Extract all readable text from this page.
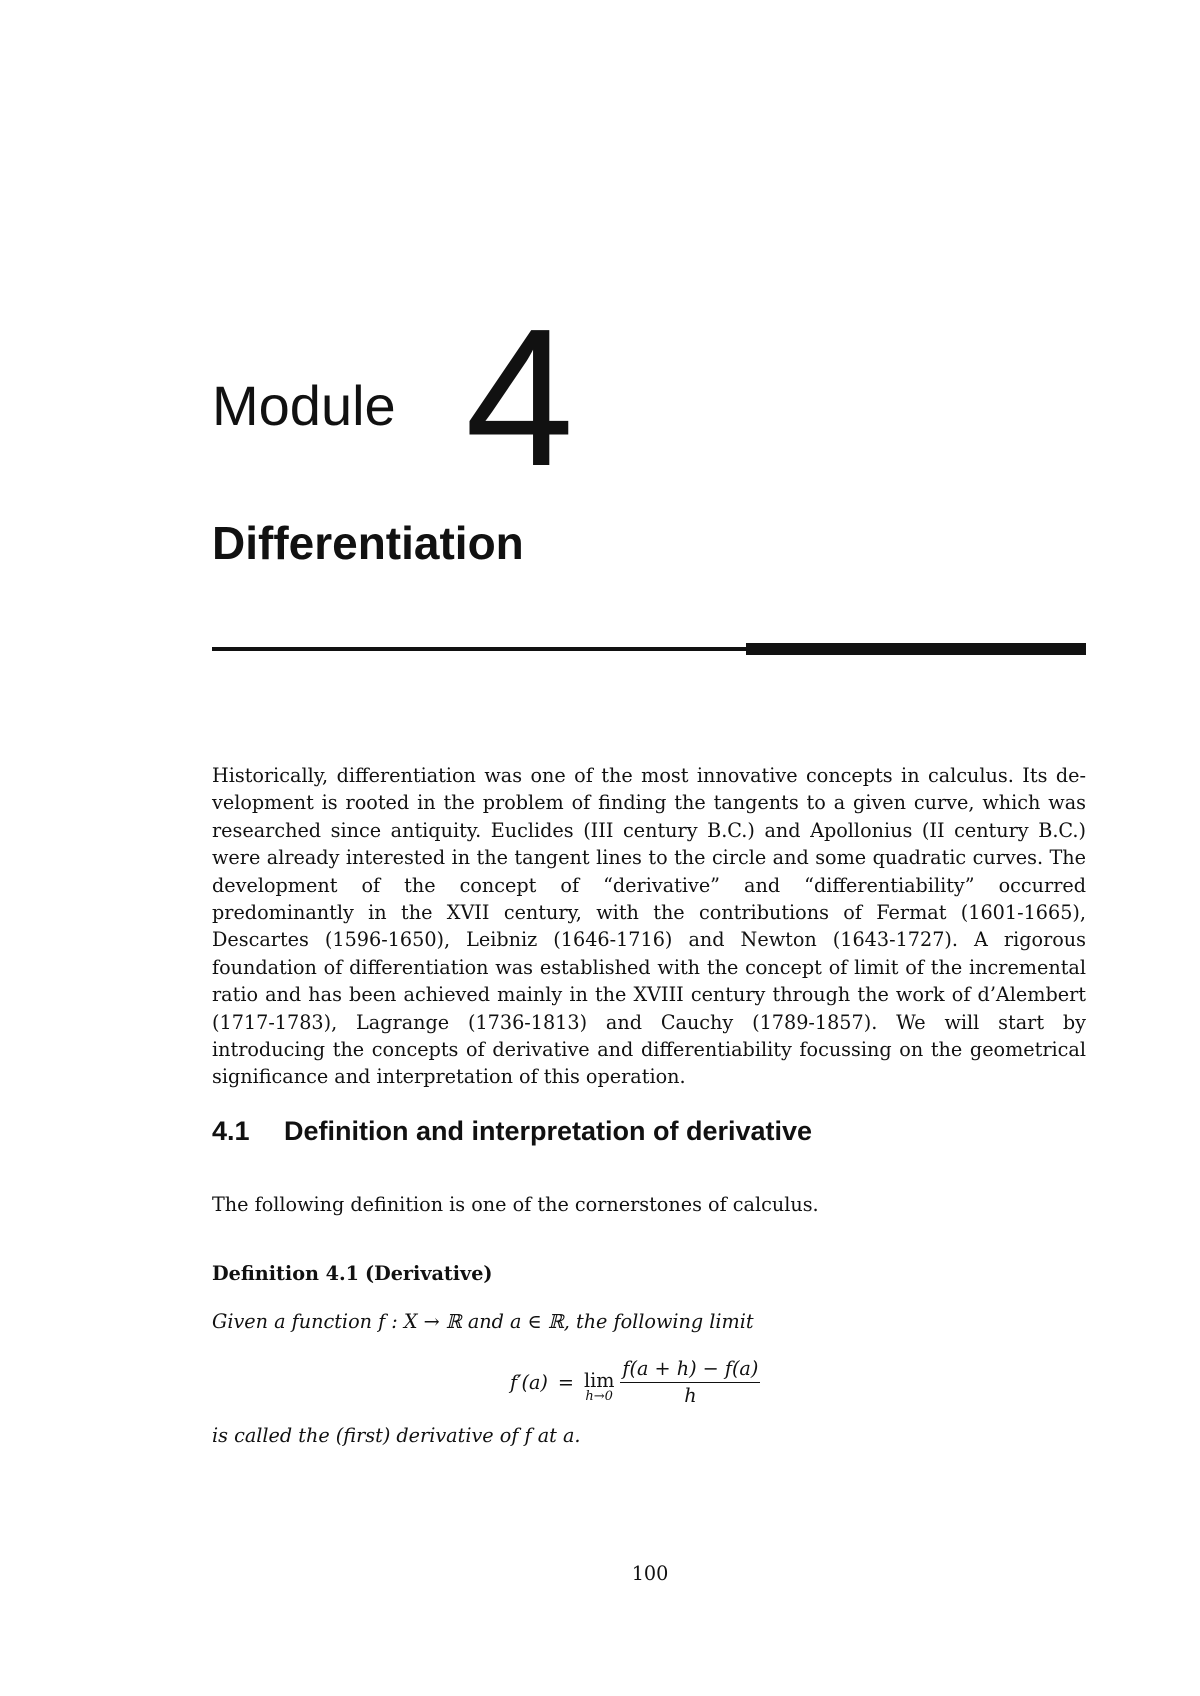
Module 4
Differentiation
Historically, differentiation was one of the most innovative concepts in calculus. Its development is rooted in the problem of finding the tangents to a given curve, which was researched since antiquity. Euclides (III century B.C.) and Apollonius (II century B.C.) were already interested in the tangent lines to the circle and some quadratic curves. The development of the concept of “derivative” and “differentiability” occurred predominantly in the XVII century, with the contributions of Fermat (1601-1665), Descartes (1596-1650), Leibniz (1646-1716) and Newton (1643-1727). A rigorous foundation of differentiation was established with the concept of limit of the incremental ratio and has been achieved mainly in the XVIII century through the work of d’Alembert (1717-1783), Lagrange (1736-1813) and Cauchy (1789-1857). We will start by introducing the concepts of derivative and differentiability focussing on the geometrical significance and interpretation of this operation.
4.1 Definition and interpretation of derivative
The following definition is one of the cornerstones of calculus.
Definition 4.1 (Derivative)
Given a function f : X → ℝ and a ∈ ℝ, the following limit
f′(a) = lim
$h\to 0 \frac{f(a + h) - f(a)}{h}$
is called the (first) derivative of f at a.
100
